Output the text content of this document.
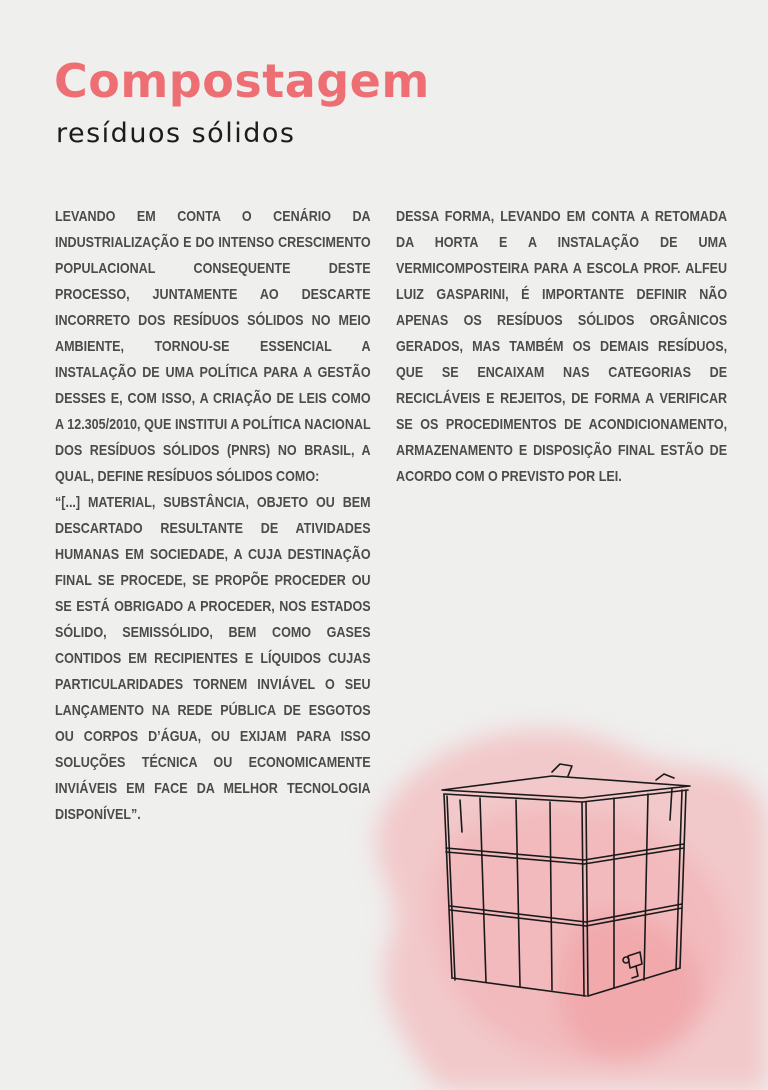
Compostagem
resíduos sólidos

LEVANDO EM CONTA O CENÁRIO DA INDUSTRIALIZAÇÃO E DO INTENSO CRESCIMENTO POPULACIONAL CONSEQUENTE DESTE PROCESSO, JUNTAMENTE AO DESCARTE INCORRETO DOS RESÍDUOS SÓLIDOS NO MEIO AMBIENTE, TORNOU-SE ESSENCIAL A INSTALAÇÃO DE UMA POLÍTICA PARA A GESTÃO DESSES E, COM ISSO, A CRIAÇÃO DE LEIS COMO A 12.305/2010, QUE INSTITUI A POLÍTICA NACIONAL DOS RESÍDUOS SÓLIDOS (PNRS) NO BRASIL, A QUAL, DEFINE RESÍDUOS SÓLIDOS COMO:

“[...] MATERIAL, SUBSTÂNCIA, OBJETO OU BEM DESCARTADO RESULTANTE DE ATIVIDADES HUMANAS EM SOCIEDADE, A CUJA DESTINAÇÃO FINAL SE PROCEDE, SE PROPÕE PROCEDER OU SE ESTÁ OBRIGADO A PROCEDER, NOS ESTADOS SÓLIDO, SEMISSÓLIDO, BEM COMO GASES CONTIDOS EM RECIPIENTES E LÍQUIDOS CUJAS PARTICULARIDADES TORNEM INVIÁVEL O SEU LANÇAMENTO NA REDE PÚBLICA DE ESGOTOS OU CORPOS D’ÁGUA, OU EXIJAM PARA ISSO SOLUÇÕES TÉCNICA OU ECONOMICAMENTE INVIÁVEIS EM FACE DA MELHOR TECNOLOGIA DISPONÍVEL”.

DESSA FORMA, LEVANDO EM CONTA A RETOMADA DA HORTA E A INSTALAÇÃO DE UMA VERMICOMPOSTEIRA PARA A ESCOLA PROF. ALFEU LUIZ GASPARINI, É IMPORTANTE DEFINIR NÃO APENAS OS RESÍDUOS SÓLIDOS ORGÂNICOS GERADOS, MAS TAMBÉM OS DEMAIS RESÍDUOS, QUE SE ENCAIXAM NAS CATEGORIAS DE RECICLÁVEIS E REJEITOS, DE FORMA A VERIFICAR SE OS PROCEDIMENTOS DE ACONDICIONAMENTO, ARMAZENAMENTO E DISPOSIÇÃO FINAL ESTÃO DE ACORDO COM O PREVISTO POR LEI.
